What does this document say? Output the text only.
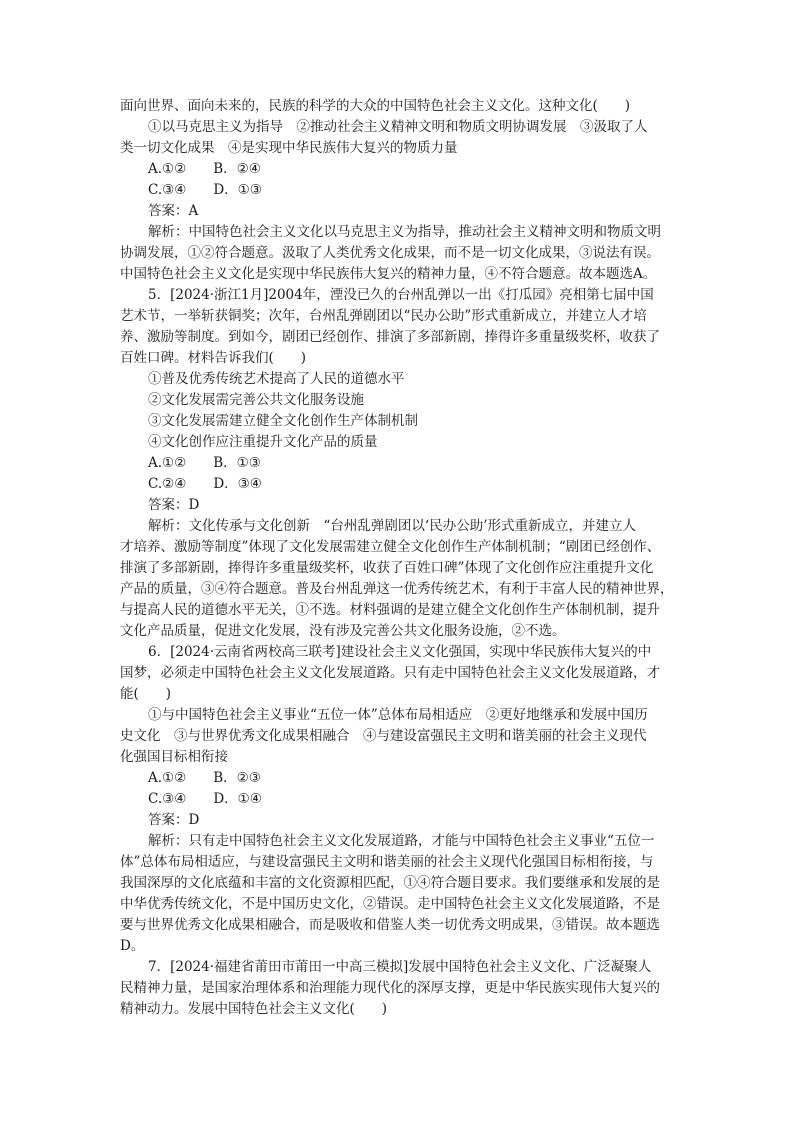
面向世界、面向未来的，民族的科学的大众的中国特色社会主义文化。这种文化(　　)
①以马克思主义为指导　②推动社会主义精神文明和物质文明协调发展　③汲取了人
类一切文化成果　④是实现中华民族伟大复兴的物质力量
A.①②　　B．②④
C.③④　　D．①③
答案：A
解析：中国特色社会主义文化以马克思主义为指导，推动社会主义精神文明和物质文明
协调发展，①②符合题意。汲取了人类优秀文化成果，而不是一切文化成果，③说法有误。
中国特色社会主义文化是实现中华民族伟大复兴的精神力量，④不符合题意。故本题选A。
5．[2024·浙江1月]2004年，湮没已久的台州乱弹以一出《打瓜园》亮相第七届中国
艺术节，一举斩获铜奖；次年，台州乱弹剧团以“民办公助”形式重新成立，并建立人才培
养、激励等制度。到如今，剧团已经创作、排演了多部新剧，捧得许多重量级奖杯，收获了
百姓口碑。材料告诉我们(　　)
①普及优秀传统艺术提高了人民的道德水平
②文化发展需完善公共文化服务设施
③文化发展需建立健全文化创作生产体制机制
④文化创作应注重提升文化产品的质量
A.①②　　B．①③
C.②④　　D．③④
答案：D
解析：文化传承与文化创新　“台州乱弹剧团以‘民办公助’形式重新成立，并建立人
才培养、激励等制度”体现了文化发展需建立健全文化创作生产体制机制；“剧团已经创作、
排演了多部新剧，捧得许多重量级奖杯，收获了百姓口碑”体现了文化创作应注重提升文化
产品的质量，③④符合题意。普及台州乱弹这一优秀传统艺术，有利于丰富人民的精神世界，
与提高人民的道德水平无关，①不选。材料强调的是建立健全文化创作生产体制机制，提升
文化产品质量，促进文化发展，没有涉及完善公共文化服务设施，②不选。
6．[2024·云南省两校高三联考]建设社会主义文化强国，实现中华民族伟大复兴的中
国梦，必须走中国特色社会主义文化发展道路。只有走中国特色社会主义文化发展道路，才
能(　　)
①与中国特色社会主义事业“五位一体”总体布局相适应　②更好地继承和发展中国历
史文化　③与世界优秀文化成果相融合　④与建设富强民主文明和谐美丽的社会主义现代
化强国目标相衔接
A.①②　　B．②③
C.③④　　D．①④
答案：D
解析：只有走中国特色社会主义文化发展道路，才能与中国特色社会主义事业“五位一
体”总体布局相适应，与建设富强民主文明和谐美丽的社会主义现代化强国目标相衔接，与
我国深厚的文化底蕴和丰富的文化资源相匹配，①④符合题目要求。我们要继承和发展的是
中华优秀传统文化，不是中国历史文化，②错误。走中国特色社会主义文化发展道路，不是
要与世界优秀文化成果相融合，而是吸收和借鉴人类一切优秀文明成果，③错误。故本题选
D。
7．[2024·福建省莆田市莆田一中高三模拟]发展中国特色社会主义文化、广泛凝聚人
民精神力量，是国家治理体系和治理能力现代化的深厚支撑，更是中华民族实现伟大复兴的
精神动力。发展中国特色社会主义文化(　　)
